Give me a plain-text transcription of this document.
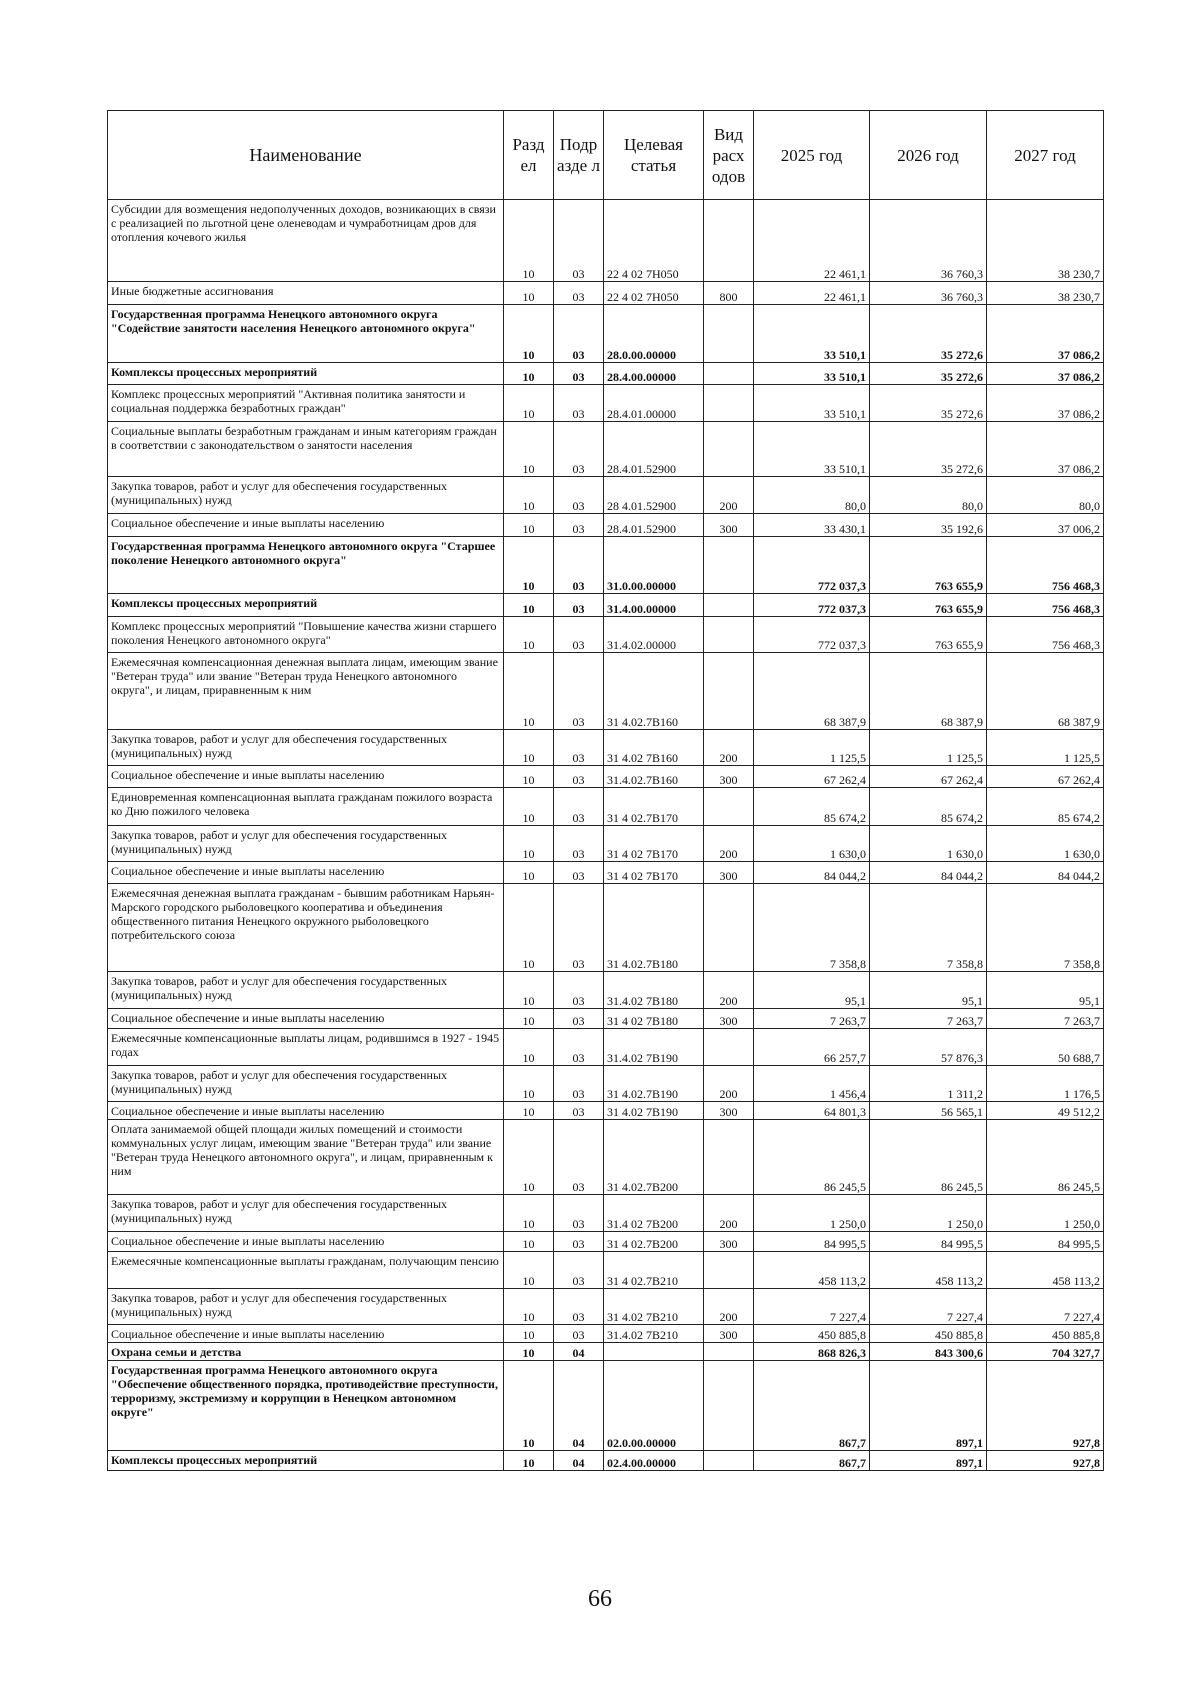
Наименование	Разд ел	Подр азде л	Целевая статья	Вид расх одов	2025 год	2026 год	2027 год
Субсидии для возмещения недополученных доходов, возникающих в связи с реализацией по льготной цене оленеводам и чумработницам дров для отопления кочевого жилья	10	03	22 4 02 7Н050		22 461,1	36 760,3	38 230,7
Иные бюджетные ассигнования	10	03	22 4 02 7Н050	800	22 461,1	36 760,3	38 230,7
Государственная программа Ненецкого автономного округа "Содействие занятости населения Ненецкого автономного округа"	10	03	28.0.00.00000		33 510,1	35 272,6	37 086,2
Комплексы процессных мероприятий	10	03	28.4.00.00000		33 510,1	35 272,6	37 086,2
Комплекс процессных мероприятий "Активная политика занятости и социальная поддержка безработных граждан"	10	03	28.4.01.00000		33 510,1	35 272,6	37 086,2
Социальные выплаты безработным гражданам и иным категориям граждан в соответствии с законодательством о занятости населения	10	03	28.4.01.52900		33 510,1	35 272,6	37 086,2
Закупка товаров, работ и услуг для обеспечения государственных (муниципальных) нужд	10	03	28 4.01.52900	200	80,0	80,0	80,0
Социальное обеспечение и иные выплаты населению	10	03	28.4.01.52900	300	33 430,1	35 192,6	37 006,2
Государственная программа Ненецкого автономного округа "Старшее поколение Ненецкого автономного округа"	10	03	31.0.00.00000		772 037,3	763 655,9	756 468,3
Комплексы процессных мероприятий	10	03	31.4.00.00000		772 037,3	763 655,9	756 468,3
Комплекс процессных мероприятий "Повышение качества жизни старшего поколения Ненецкого автономного округа"	10	03	31.4.02.00000		772 037,3	763 655,9	756 468,3
Ежемесячная компенсационная денежная выплата лицам, имеющим звание "Ветеран труда" или звание "Ветеран труда Ненецкого автономного округа", и лицам, приравненным к ним	10	03	31 4.02.7В160		68 387,9	68 387,9	68 387,9
Закупка товаров, работ и услуг для обеспечения государственных (муниципальных) нужд	10	03	31 4.02 7В160	200	1 125,5	1 125,5	1 125,5
Социальное обеспечение и иные выплаты населению	10	03	31.4.02.7В160	300	67 262,4	67 262,4	67 262,4
Единовременная компенсационная выплата гражданам пожилого возраста ко Дню пожилого человека	10	03	31 4 02.7В170		85 674,2	85 674,2	85 674,2
Закупка товаров, работ и услуг для обеспечения государственных (муниципальных) нужд	10	03	31 4 02 7В170	200	1 630,0	1 630,0	1 630,0
Социальное обеспечение и иные выплаты населению	10	03	31 4 02 7В170	300	84 044,2	84 044,2	84 044,2
Ежемесячная денежная выплата гражданам - бывшим работникам Нарьян-Марского городского рыболовецкого кооператива и объединения общественного питания Ненецкого окружного рыболовецкого потребительского союза	10	03	31 4.02.7В180		7 358,8	7 358,8	7 358,8
Закупка товаров, работ и услуг для обеспечения государственных (муниципальных) нужд	10	03	31.4.02 7В180	200	95,1	95,1	95,1
Социальное обеспечение и иные выплаты населению	10	03	31 4 02 7В180	300	7 263,7	7 263,7	7 263,7
Ежемесячные компенсационные выплаты лицам, родившимся в 1927 - 1945 годах	10	03	31.4.02 7В190		66 257,7	57 876,3	50 688,7
Закупка товаров, работ и услуг для обеспечения государственных (муниципальных) нужд	10	03	31 4.02.7В190	200	1 456,4	1 311,2	1 176,5
Социальное обеспечение и иные выплаты населению	10	03	31 4.02 7В190	300	64 801,3	56 565,1	49 512,2
Оплата занимаемой общей площади жилых помещений и стоимости коммунальных услуг лицам, имеющим звание "Ветеран труда" или звание "Ветеран труда Ненецкого автономного округа", и лицам, приравненным к ним	10	03	31 4.02.7В200		86 245,5	86 245,5	86 245,5
Закупка товаров, работ и услуг для обеспечения государственных (муниципальных) нужд	10	03	31.4 02 7В200	200	1 250,0	1 250,0	1 250,0
Социальное обеспечение и иные выплаты населению	10	03	31 4 02.7В200	300	84 995,5	84 995,5	84 995,5
Ежемесячные компенсационные выплаты гражданам, получающим пенсию	10	03	31 4 02.7В210		458 113,2	458 113,2	458 113,2
Закупка товаров, работ и услуг для обеспечения государственных (муниципальных) нужд	10	03	31 4.02 7В210	200	7 227,4	7 227,4	7 227,4
Социальное обеспечение и иные выплаты населению	10	03	31.4.02 7В210	300	450 885,8	450 885,8	450 885,8
Охрана семьи и детства	10	04			868 826,3	843 300,6	704 327,7
Государственная программа Ненецкого автономного округа "Обеспечение общественного порядка, противодействие преступности, терроризму, экстремизму и коррупции в Ненецком автономном округе"	10	04	02.0.00.00000		867,7	897,1	927,8
Комплексы процессных мероприятий	10	04	02.4.00.00000		867,7	897,1	927,8
66
